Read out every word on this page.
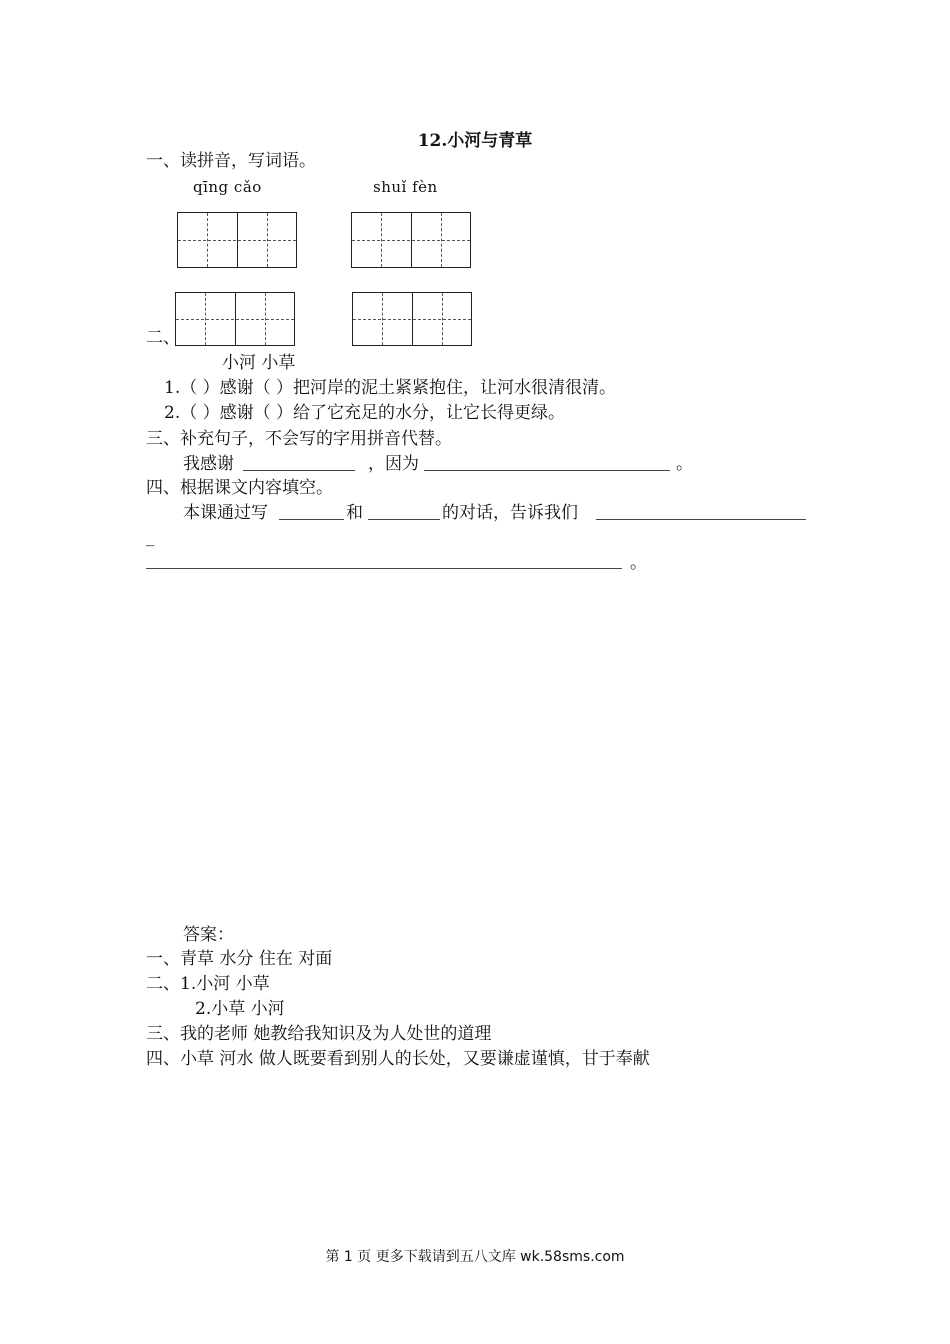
12.小河与青草
一、读拼音，写词语。
qīng cǎo	shuǐ fèn
二、
小河 小草
1.（ ）感谢（ ）把河岸的泥土紧紧抱住，让河水很清很清。
2.（ ）感谢（ ）给了它充足的水分，让它长得更绿。
三、补充句子，不会写的字用拼音代替。
我感谢	，因为	。
四、根据课文内容填空。
本课通过写	和	的对话，告诉我们
_
。
答案：
一、青草 水分 住在 对面
二、1.小河 小草
2.小草 小河
三、我的老师 她教给我知识及为人处世的道理
四、小草 河水 做人既要看到别人的长处，又要谦虚谨慎，甘于奉献
第 1 页 更多下载请到五八文库 wk.58sms.com
